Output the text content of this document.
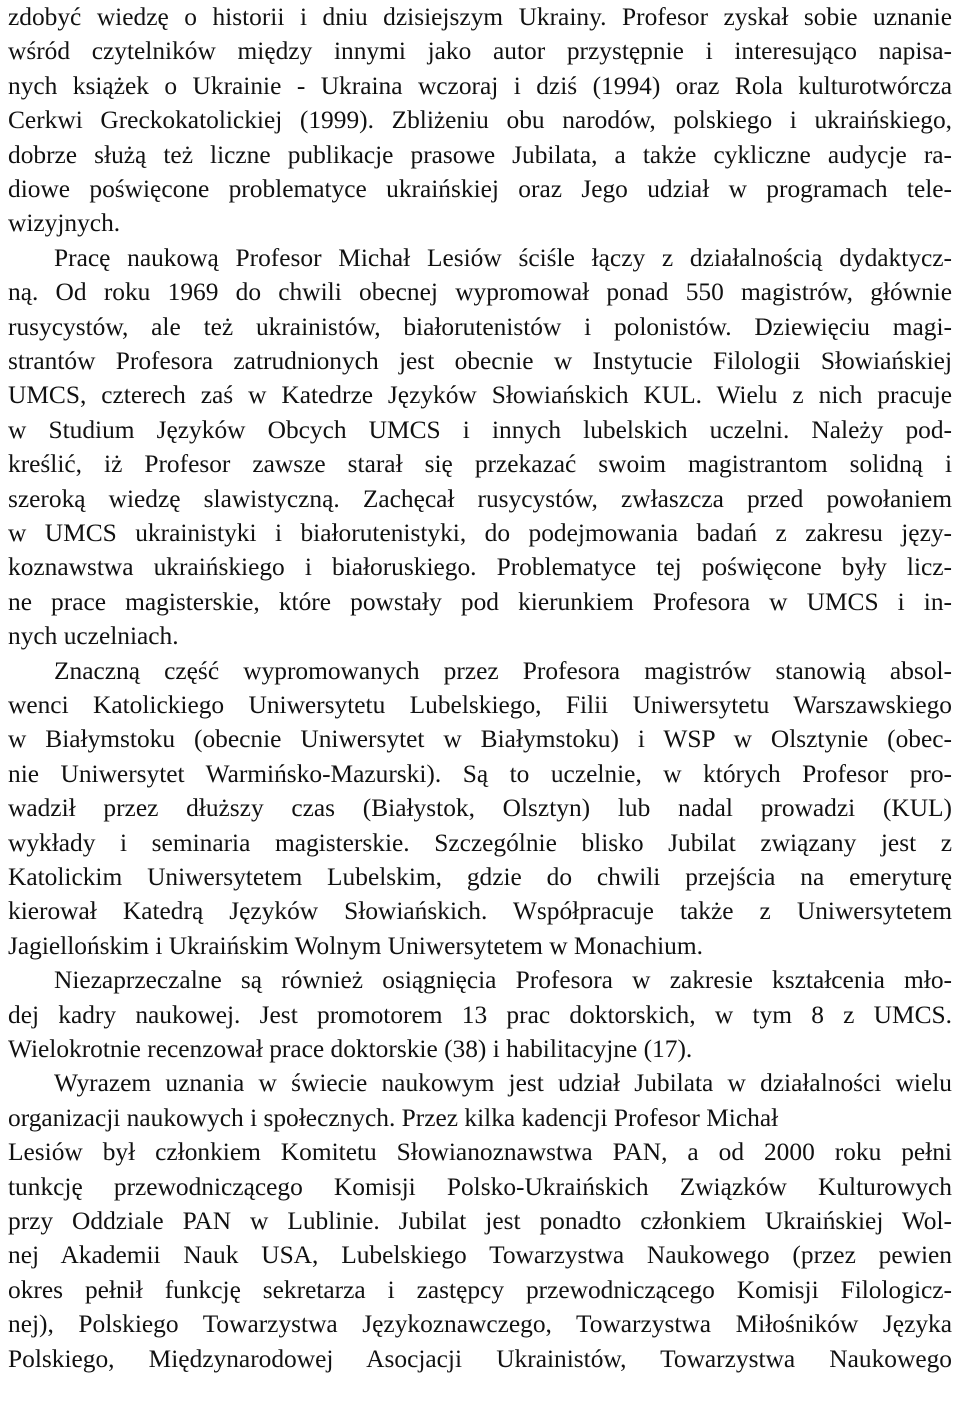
zdobyć wiedzę o historii i dniu dzisiejszym Ukrainy. Profesor zyskał sobie uznanie

wśród czytelników między innymi jako autor przystępnie i interesująco napisa-

nych książek o Ukrainie - Ukraina wczoraj i dziś (1994) oraz Rola kulturotwórcza

Cerkwi Greckokatolickiej (1999). Zbliżeniu obu narodów, polskiego i ukraińskiego,

dobrze służą też liczne publikacje prasowe Jubilata, a także cykliczne audycje ra-

diowe poświęcone problematyce ukraińskiej oraz Jego udział w programach tele-

wizyjnych.

Pracę naukową Profesor Michał Lesiów ściśle łączy z działalnością dydaktycz-

ną. Od roku 1969 do chwili obecnej wypromował ponad 550 magistrów, głównie

rusycystów, ale też ukrainistów, białorutenistów i polonistów. Dziewięciu magi-

strantów Profesora zatrudnionych jest obecnie w Instytucie Filologii Słowiańskiej

UMCS, czterech zaś w Katedrze Języków Słowiańskich KUL. Wielu z nich pracuje

w Studium Języków Obcych UMCS i innych lubelskich uczelni. Należy pod-

kreślić, iż Profesor zawsze starał się przekazać swoim magistrantom solidną i

szeroką wiedzę slawistyczną. Zachęcał rusycystów, zwłaszcza przed powołaniem

w UMCS ukrainistyki i białorutenistyki, do podejmowania badań z zakresu języ-

koznawstwa ukraińskiego i białoruskiego. Problematyce tej poświęcone były licz-

ne prace magisterskie, które powstały pod kierunkiem Profesora w UMCS i in-

nych uczelniach.

Znaczną część wypromowanych przez Profesora magistrów stanowią absol-

wenci Katolickiego Uniwersytetu Lubelskiego, Filii Uniwersytetu Warszawskiego

w Białymstoku (obecnie Uniwersytet w Białymstoku) i WSP w Olsztynie (obec-

nie Uniwersytet Warmińsko-Mazurski). Są to uczelnie, w których Profesor pro-

wadził przez dłuższy czas (Białystok, Olsztyn) lub nadal prowadzi (KUL)

wykłady i seminaria magisterskie. Szczególnie blisko Jubilat związany jest z

Katolickim Uniwersytetem Lubelskim, gdzie do chwili przejścia na emeryturę

kierował Katedrą Języków Słowiańskich. Współpracuje także z Uniwersytetem

Jagiellońskim i Ukraińskim Wolnym Uniwersytetem w Monachium.

Niezaprzeczalne są również osiągnięcia Profesora w zakresie kształcenia mło-

dej kadry naukowej. Jest promotorem 13 prac doktorskich, w tym 8 z UMCS.

Wielokrotnie recenzował prace doktorskie (38) i habilitacyjne (17).

Wyrazem uznania w świecie naukowym jest udział Jubilata w działalności wielu

organizacji naukowych i społecznych. Przez kilka kadencji Profesor Michał

Lesiów był członkiem Komitetu Słowianoznawstwa PAN, a od 2000 roku pełni

tunkcję przewodniczącego Komisji Polsko-Ukraińskich Związków Kulturowych

przy Oddziale PAN w Lublinie. Jubilat jest ponadto członkiem Ukraińskiej Wol-

nej Akademii Nauk USA, Lubelskiego Towarzystwa Naukowego (przez pewien

okres pełnił funkcję sekretarza i zastępcy przewodniczącego Komisji Filologicz-

nej), Polskiego Towarzystwa Językoznawczego, Towarzystwa Miłośników Języka

Polskiego, Międzynarodowej Asocjacji Ukrainistów, Towarzystwa Naukowego
